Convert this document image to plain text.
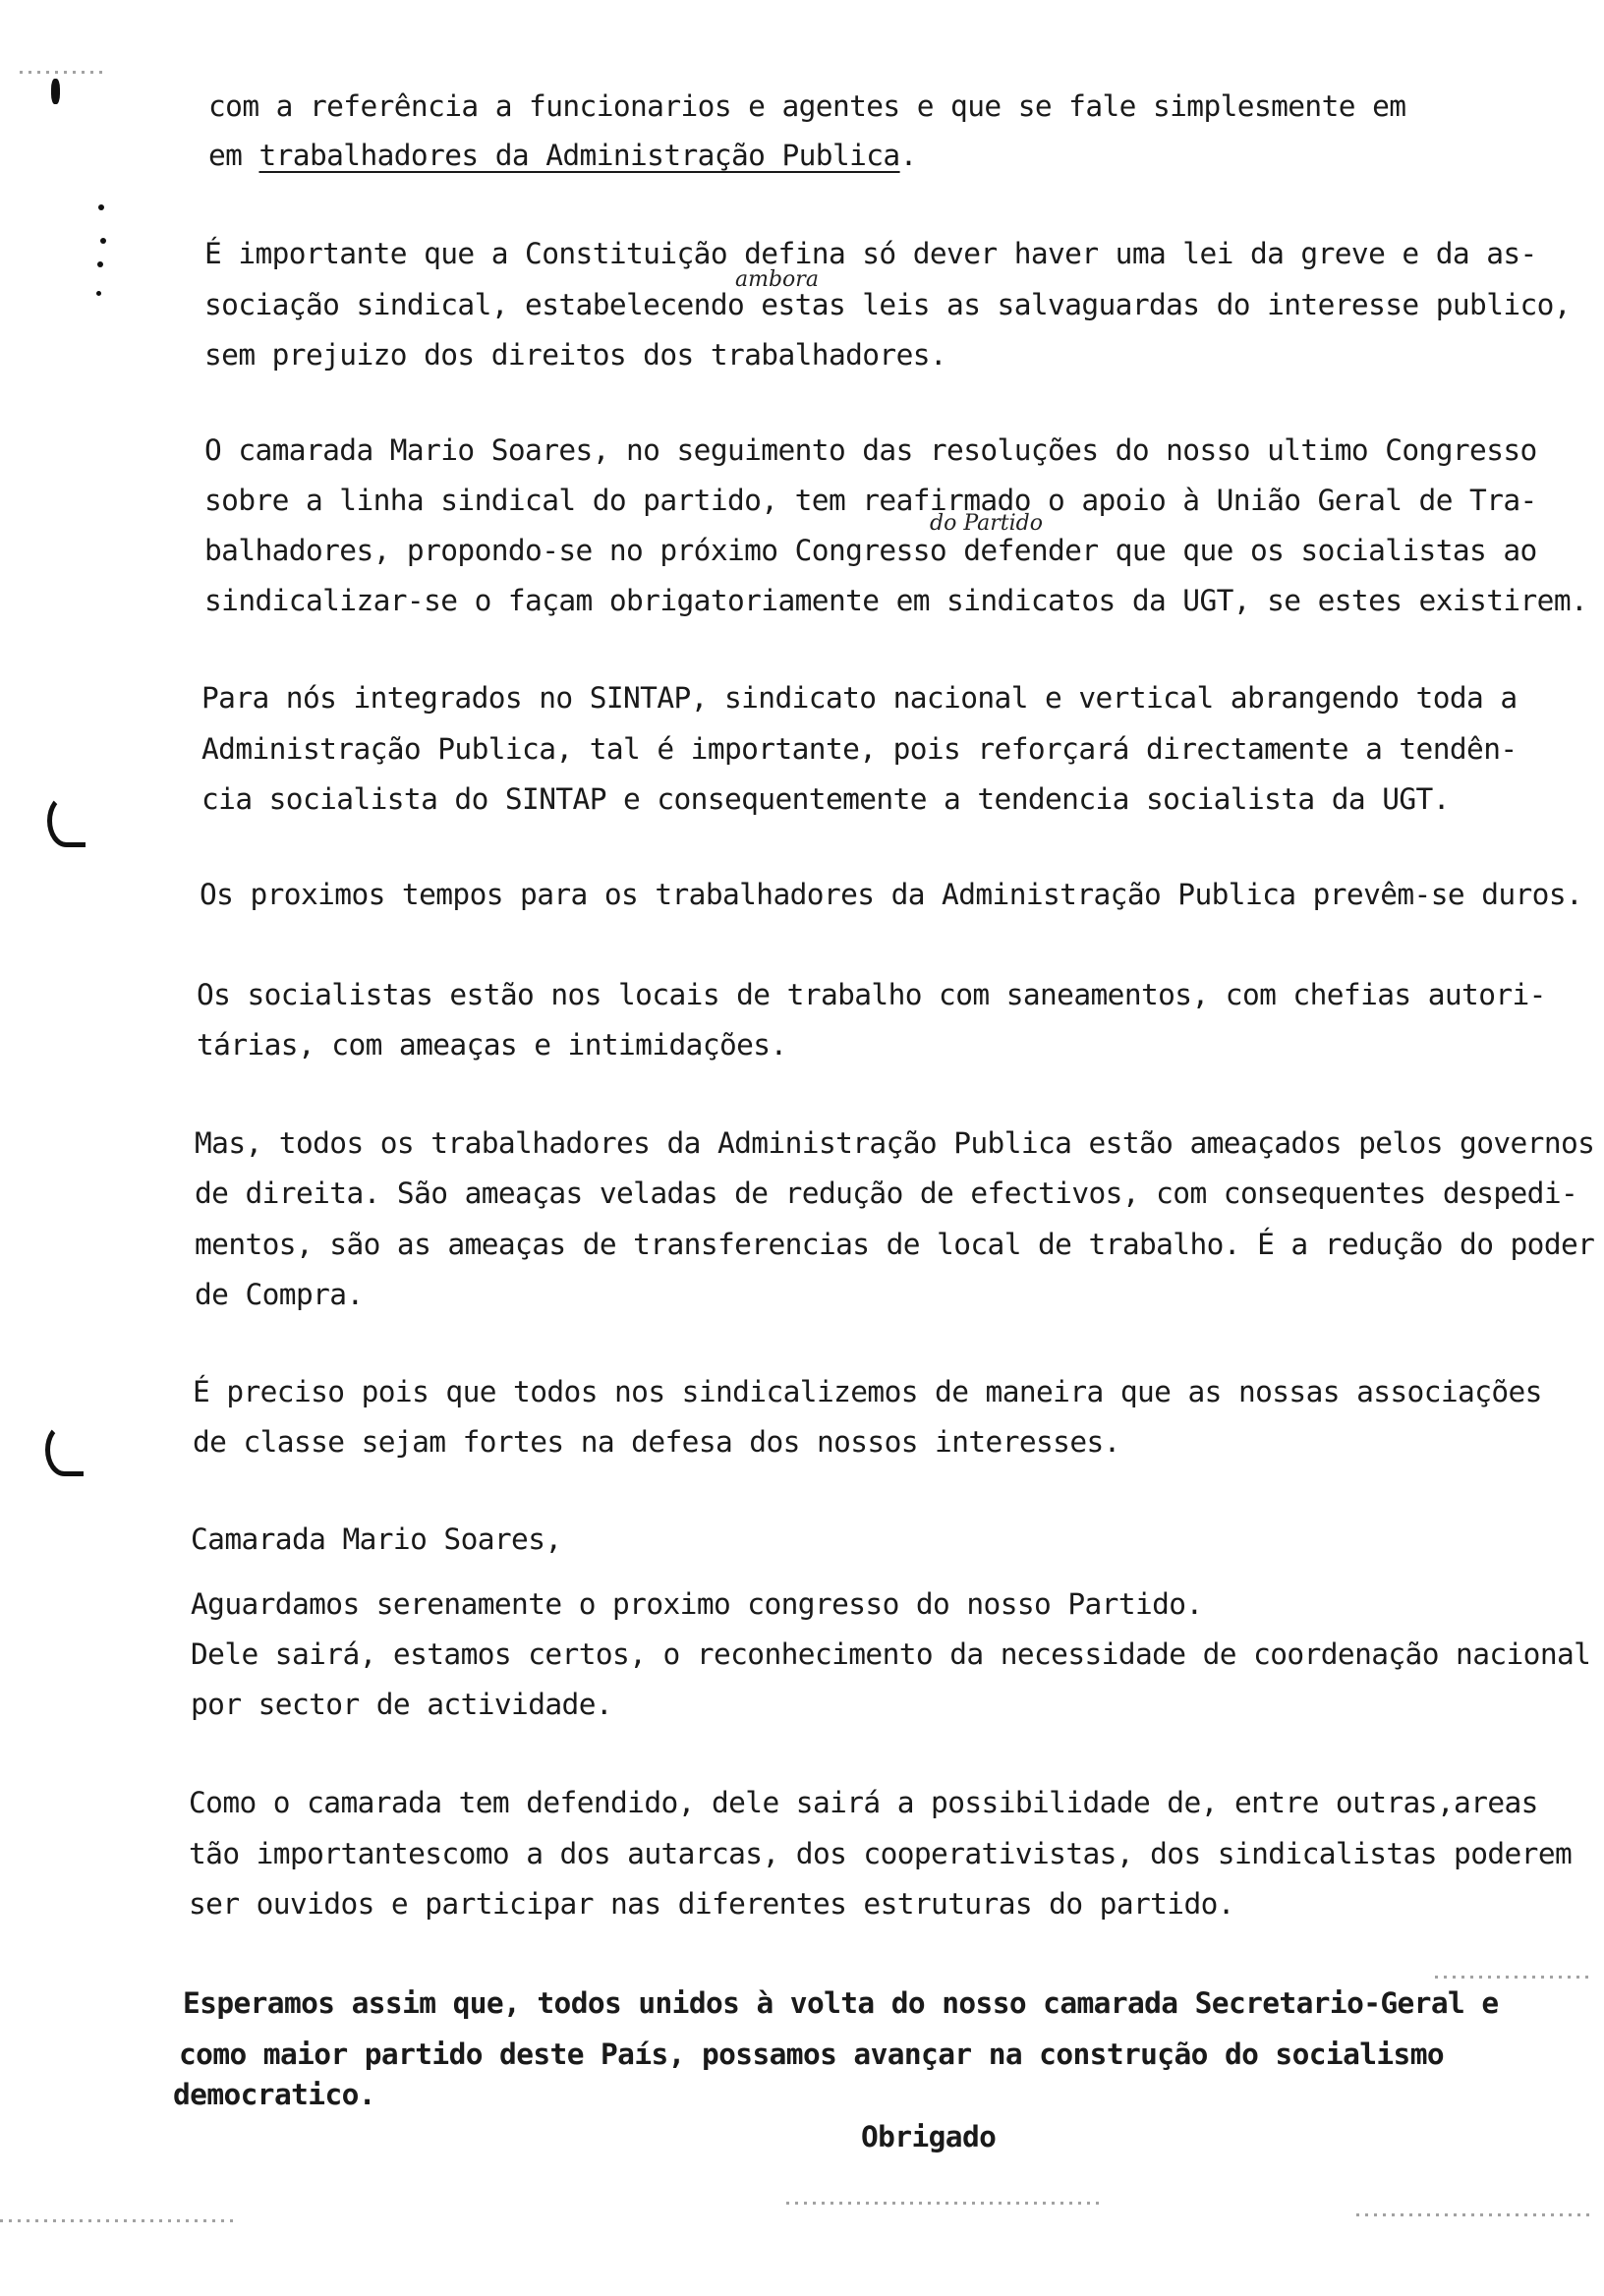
com a referência a funcionarios e agentes e que se fale simplesmente em
em trabalhadores da Administração Publica.
É importante que a Constituição defina só dever haver uma lei da greve e da as-
ambora
sociação sindical, estabelecendo estas leis as salvaguardas do interesse publico,
sem prejuizo dos direitos dos trabalhadores.
O camarada Mario Soares, no seguimento das resoluções do nosso ultimo Congresso
sobre a linha sindical do partido, tem reafirmado o apoio à União Geral de Tra-
do Partido
balhadores, propondo-se no próximo Congresso defender que que os socialistas ao
sindicalizar-se o façam obrigatoriamente em sindicatos da UGT, se estes existirem.
Para nós integrados no SINTAP, sindicato nacional e vertical abrangendo toda a
Administração Publica, tal é importante, pois reforçará directamente a tendên-
cia socialista do SINTAP e consequentemente a tendencia socialista da UGT.
Os proximos tempos para os trabalhadores da Administração Publica prevêm-se duros.
Os socialistas estão nos locais de trabalho com saneamentos, com chefias autori-
tárias, com ameaças e intimidações.
Mas, todos os trabalhadores da Administração Publica estão ameaçados pelos governos
de direita. São ameaças veladas de redução de efectivos, com consequentes despedi-
mentos, são as ameaças de transferencias de local de trabalho. É a redução do poder
de Compra.
É preciso pois que todos nos sindicalizemos de maneira que as nossas associações
de classe sejam fortes na defesa dos nossos interesses.
Camarada Mario Soares,
Aguardamos serenamente o proximo congresso do nosso Partido.
Dele sairá, estamos certos, o reconhecimento da necessidade de coordenação nacional
por sector de actividade.
Como o camarada tem defendido, dele sairá a possibilidade de, entre outras,areas
tão importantescomo a dos autarcas, dos cooperativistas, dos sindicalistas poderem
ser ouvidos e participar nas diferentes estruturas do partido.
Esperamos assim que, todos unidos à volta do nosso camarada Secretario-Geral e
como maior partido deste País, possamos avançar na construção do socialismo
democratico.
Obrigado
